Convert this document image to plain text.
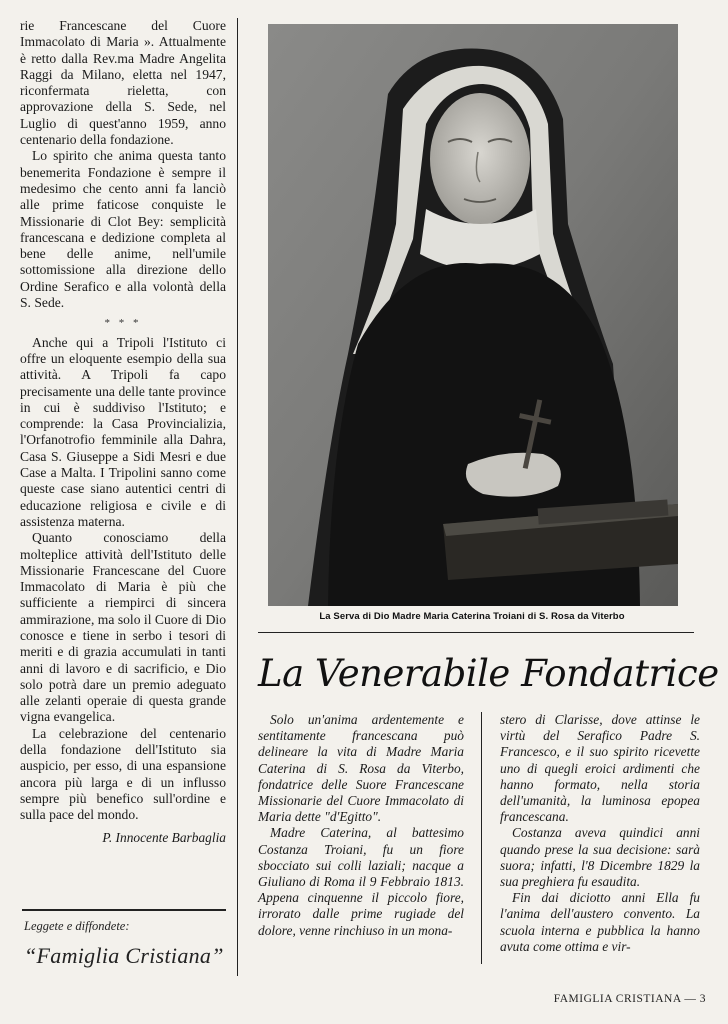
rie Francescane del Cuore Immacolato di Maria ». Attualmente è retto dalla Rev.ma Madre Angelita Raggi da Milano, eletta nel 1947, riconfermata rieletta, con approvazione della S. Sede, nel Luglio di quest'anno 1959, anno centenario della fondazione.

Lo spirito che anima questa tanto benemerita Fondazione è sempre il medesimo che cento anni fa lanciò alle prime faticose conquiste le Missionarie di Clot Bey: semplicità francescana e dedizione completa al bene delle anime, nell'umile sottomissione alla direzione dello Ordine Serafico e alla volontà della S. Sede.

* * *

Anche qui a Tripoli l'Istituto ci offre un eloquente esempio della sua attività. A Tripoli fa capo precisamente una delle tante province in cui è suddiviso l'Istituto; e comprende: la Casa Provincializia, l'Orfanotrofio femminile alla Dahra, Casa S. Giuseppe a Sidi Mesri e due Case a Malta. I Tripolini sanno come queste case siano autentici centri di educazione religiosa e civile e di assistenza materna.

Quanto conosciamo della molteplice attività dell'Istituto delle Missionarie Francescane del Cuore Immacolato di Maria è più che sufficiente a riempirci di sincera ammirazione, ma solo il Cuore di Dio conosce e tiene in serbo i tesori di meriti e di grazia accumulati in tanti anni di lavoro e di sacrificio, e Dio solo potrà dare un premio adeguato alle zelanti operaie di questa grande vigna evangelica.

La celebrazione del centenario della fondazione dell'Istituto sia auspicio, per esso, di una espansione ancora più larga e di un influsso sempre più benefico sull'ordine e sulla pace del mondo.

P. Innocente Barbaglia
Leggete e diffondete:
“Famiglia Cristiana”
La Serva di Dio Madre Maria Caterina Troiani di S. Rosa da Viterbo
La Venerabile Fondatrice

Solo un'anima ardentemente e sentitamente francescana può delineare la vita di Madre Maria Caterina di S. Rosa da Viterbo, fondatrice delle Suore Francescane Missionarie del Cuore Immacolato di Maria dette "d'Egitto".

Madre Caterina, al battesimo Costanza Troiani, fu un fiore sbocciato sui colli laziali; nacque a Giuliano di Roma il 9 Febbraio 1813. Appena cinquenne il piccolo fiore, irrorato dalle prime rugiade del dolore, venne rinchiuso in un mona-

stero di Clarisse, dove attinse le virtù del Serafico Padre S. Francesco, e il suo spirito ricevette uno di quegli eroici ardimenti che hanno formato, nella storia dell'umanità, la luminosa epopea francescana.

Costanza aveva quindici anni quando prese la sua decisione: sarà suora; infatti, l'8 Dicembre 1829 la sua preghiera fu esaudita.

Fin dai diciotto anni Ella fu l'anima dell'austero convento. La scuola interna e pubblica la hanno avuta come ottima e vir-

FAMIGLIA CRISTIANA — 3
